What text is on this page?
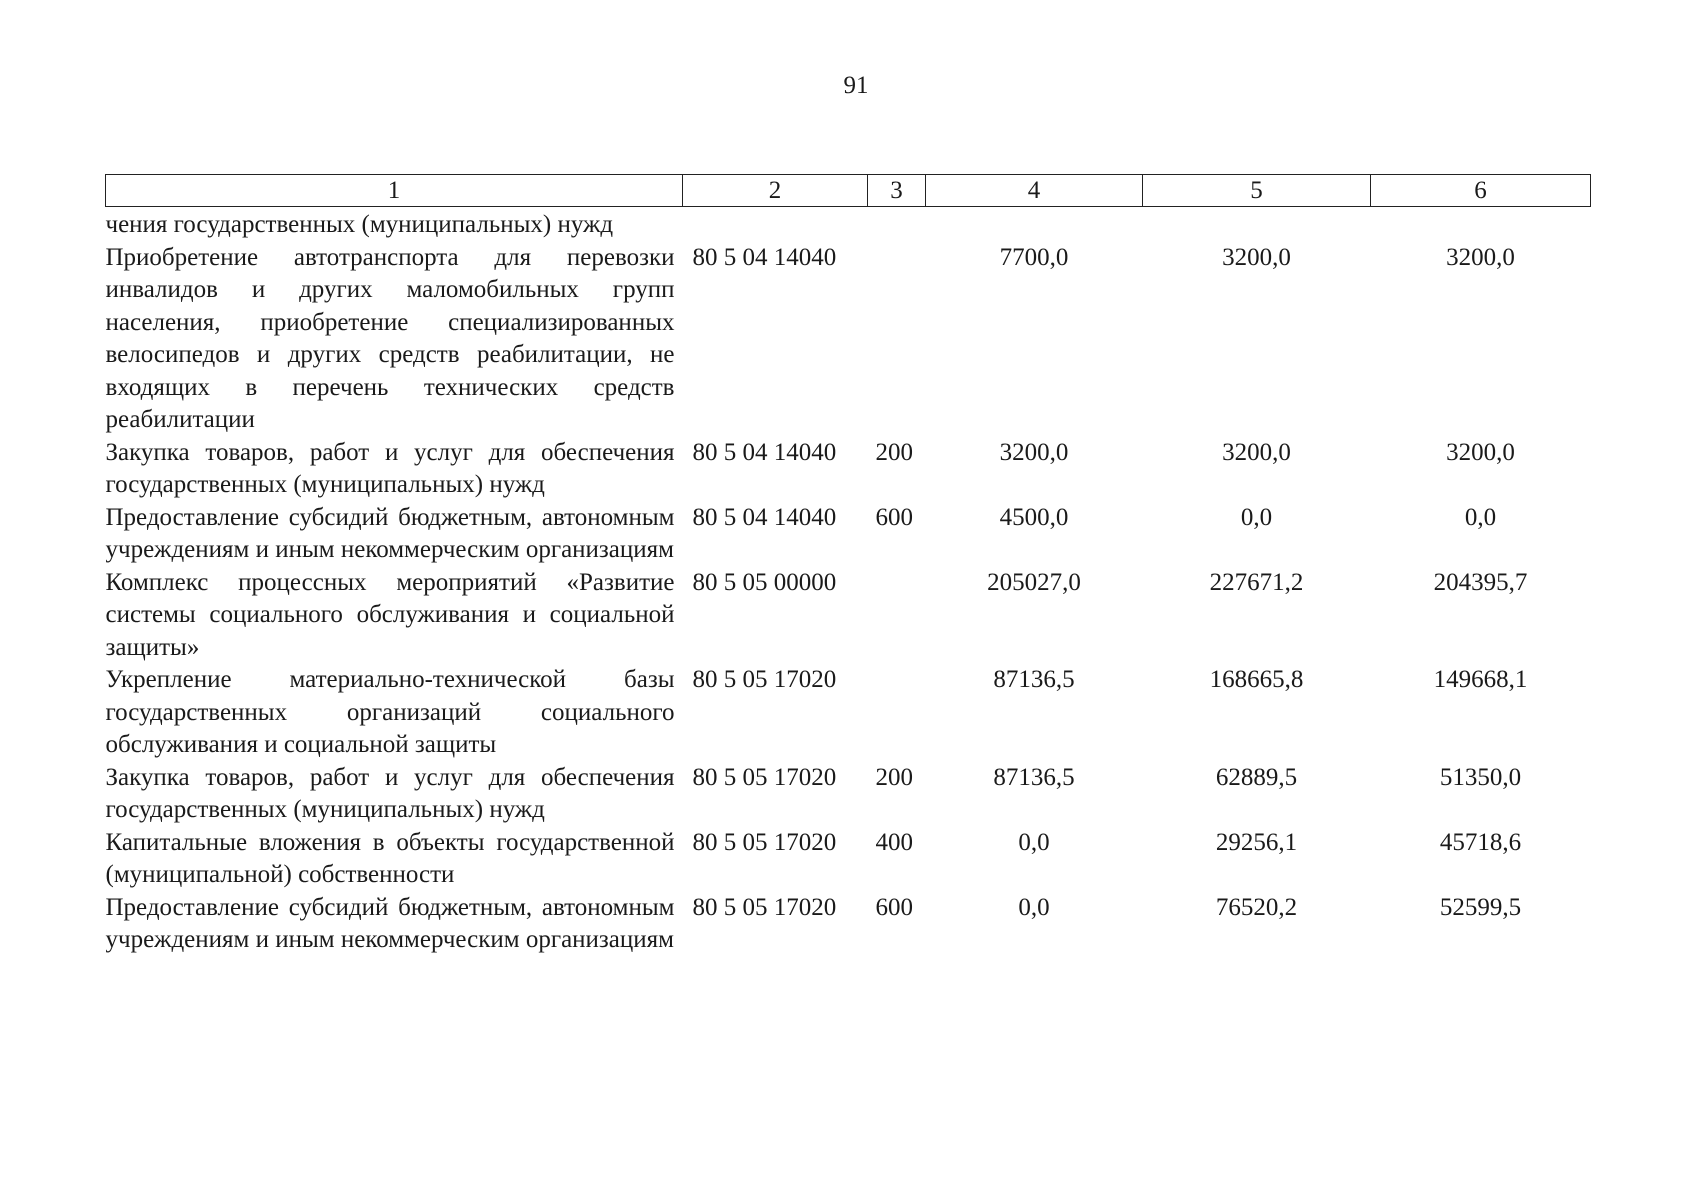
91
1	2	3	4	5	6
чения государственных (муниципальных) нужд					
Приобретение автотранспорта для перевозки инвалидов и других маломобильных групп населения, приобретение специализированных велосипедов и других средств реабилитации, не входящих в перечень технических средств реабилитации	80 5 04 14040		7700,0	3200,0	3200,0
Закупка товаров, работ и услуг для обеспечения государственных (муниципальных) нужд	80 5 04 14040	200	3200,0	3200,0	3200,0
Предоставление субсидий бюджетным, автономным учреждениям и иным некоммерческим организациям	80 5 04 14040	600	4500,0	0,0	0,0
Комплекс процессных мероприятий «Развитие системы социального обслуживания и социальной защиты»	80 5 05 00000		205027,0	227671,2	204395,7
Укрепление материально-технической базы государственных организаций социального обслуживания и социальной защиты	80 5 05 17020		87136,5	168665,8	149668,1
Закупка товаров, работ и услуг для обеспечения государственных (муниципальных) нужд	80 5 05 17020	200	87136,5	62889,5	51350,0
Капитальные вложения в объекты государственной (муниципальной) собственности	80 5 05 17020	400	0,0	29256,1	45718,6
Предоставление субсидий бюджетным, автономным учреждениям и иным некоммерческим организациям	80 5 05 17020	600	0,0	76520,2	52599,5
